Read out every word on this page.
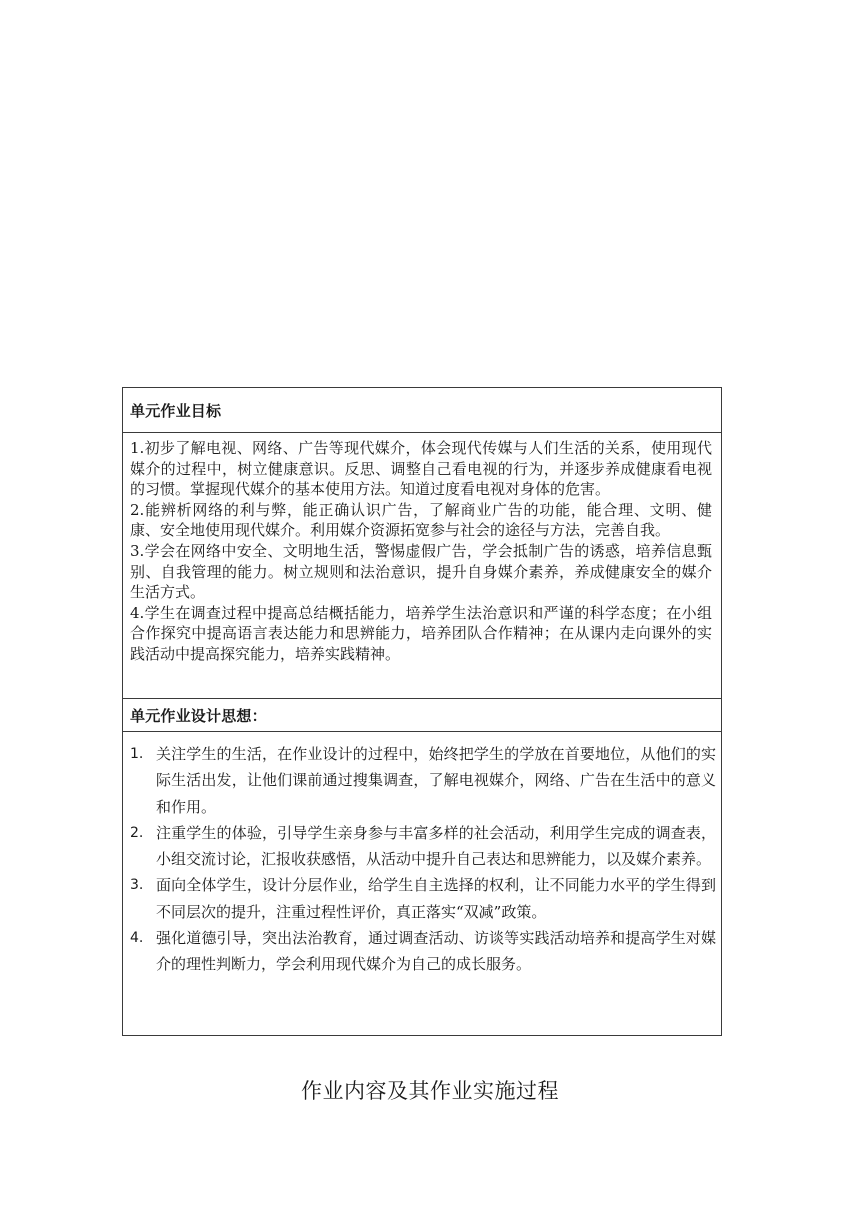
单元作业目标

1.初步了解电视、网络、广告等现代媒介，体会现代传媒与人们生活的关系，使用现代媒介的过程中，树立健康意识。反思、调整自己看电视的行为，并逐步养成健康看电视的习惯。掌握现代媒介的基本使用方法。知道过度看电视对身体的危害。

2.能辨析网络的利与弊，能正确认识广告，了解商业广告的功能，能合理、文明、健康、安全地使用现代媒介。利用媒介资源拓宽参与社会的途径与方法，完善自我。

3.学会在网络中安全、文明地生活，警惕虚假广告，学会抵制广告的诱惑，培养信息甄别、自我管理的能力。树立规则和法治意识，提升自身媒介素养，养成健康安全的媒介生活方式。

4.学生在调查过程中提高总结概括能力，培养学生法治意识和严谨的科学态度；在小组合作探究中提高语言表达能力和思辨能力，培养团队合作精神；在从课内走向课外的实践活动中提高探究能力，培养实践精神。

单元作业设计思想：
1. 关注学生的生活，在作业设计的过程中，始终把学生的学放在首要地位，从他们的实际生活出发，让他们课前通过搜集调查，了解电视媒介，网络、广告在生活中的意义和作用。
2. 注重学生的体验，引导学生亲身参与丰富多样的社会活动，利用学生完成的调查表，小组交流讨论，汇报收获感悟，从活动中提升自己表达和思辨能力，以及媒介素养。
3. 面向全体学生，设计分层作业，给学生自主选择的权利，让不同能力水平的学生得到不同层次的提升，注重过程性评价，真正落实“双减”政策。
4. 强化道德引导，突出法治教育，通过调查活动、访谈等实践活动培养和提高学生对媒介的理性判断力，学会利用现代媒介为自己的成长服务。
作业内容及其作业实施过程
